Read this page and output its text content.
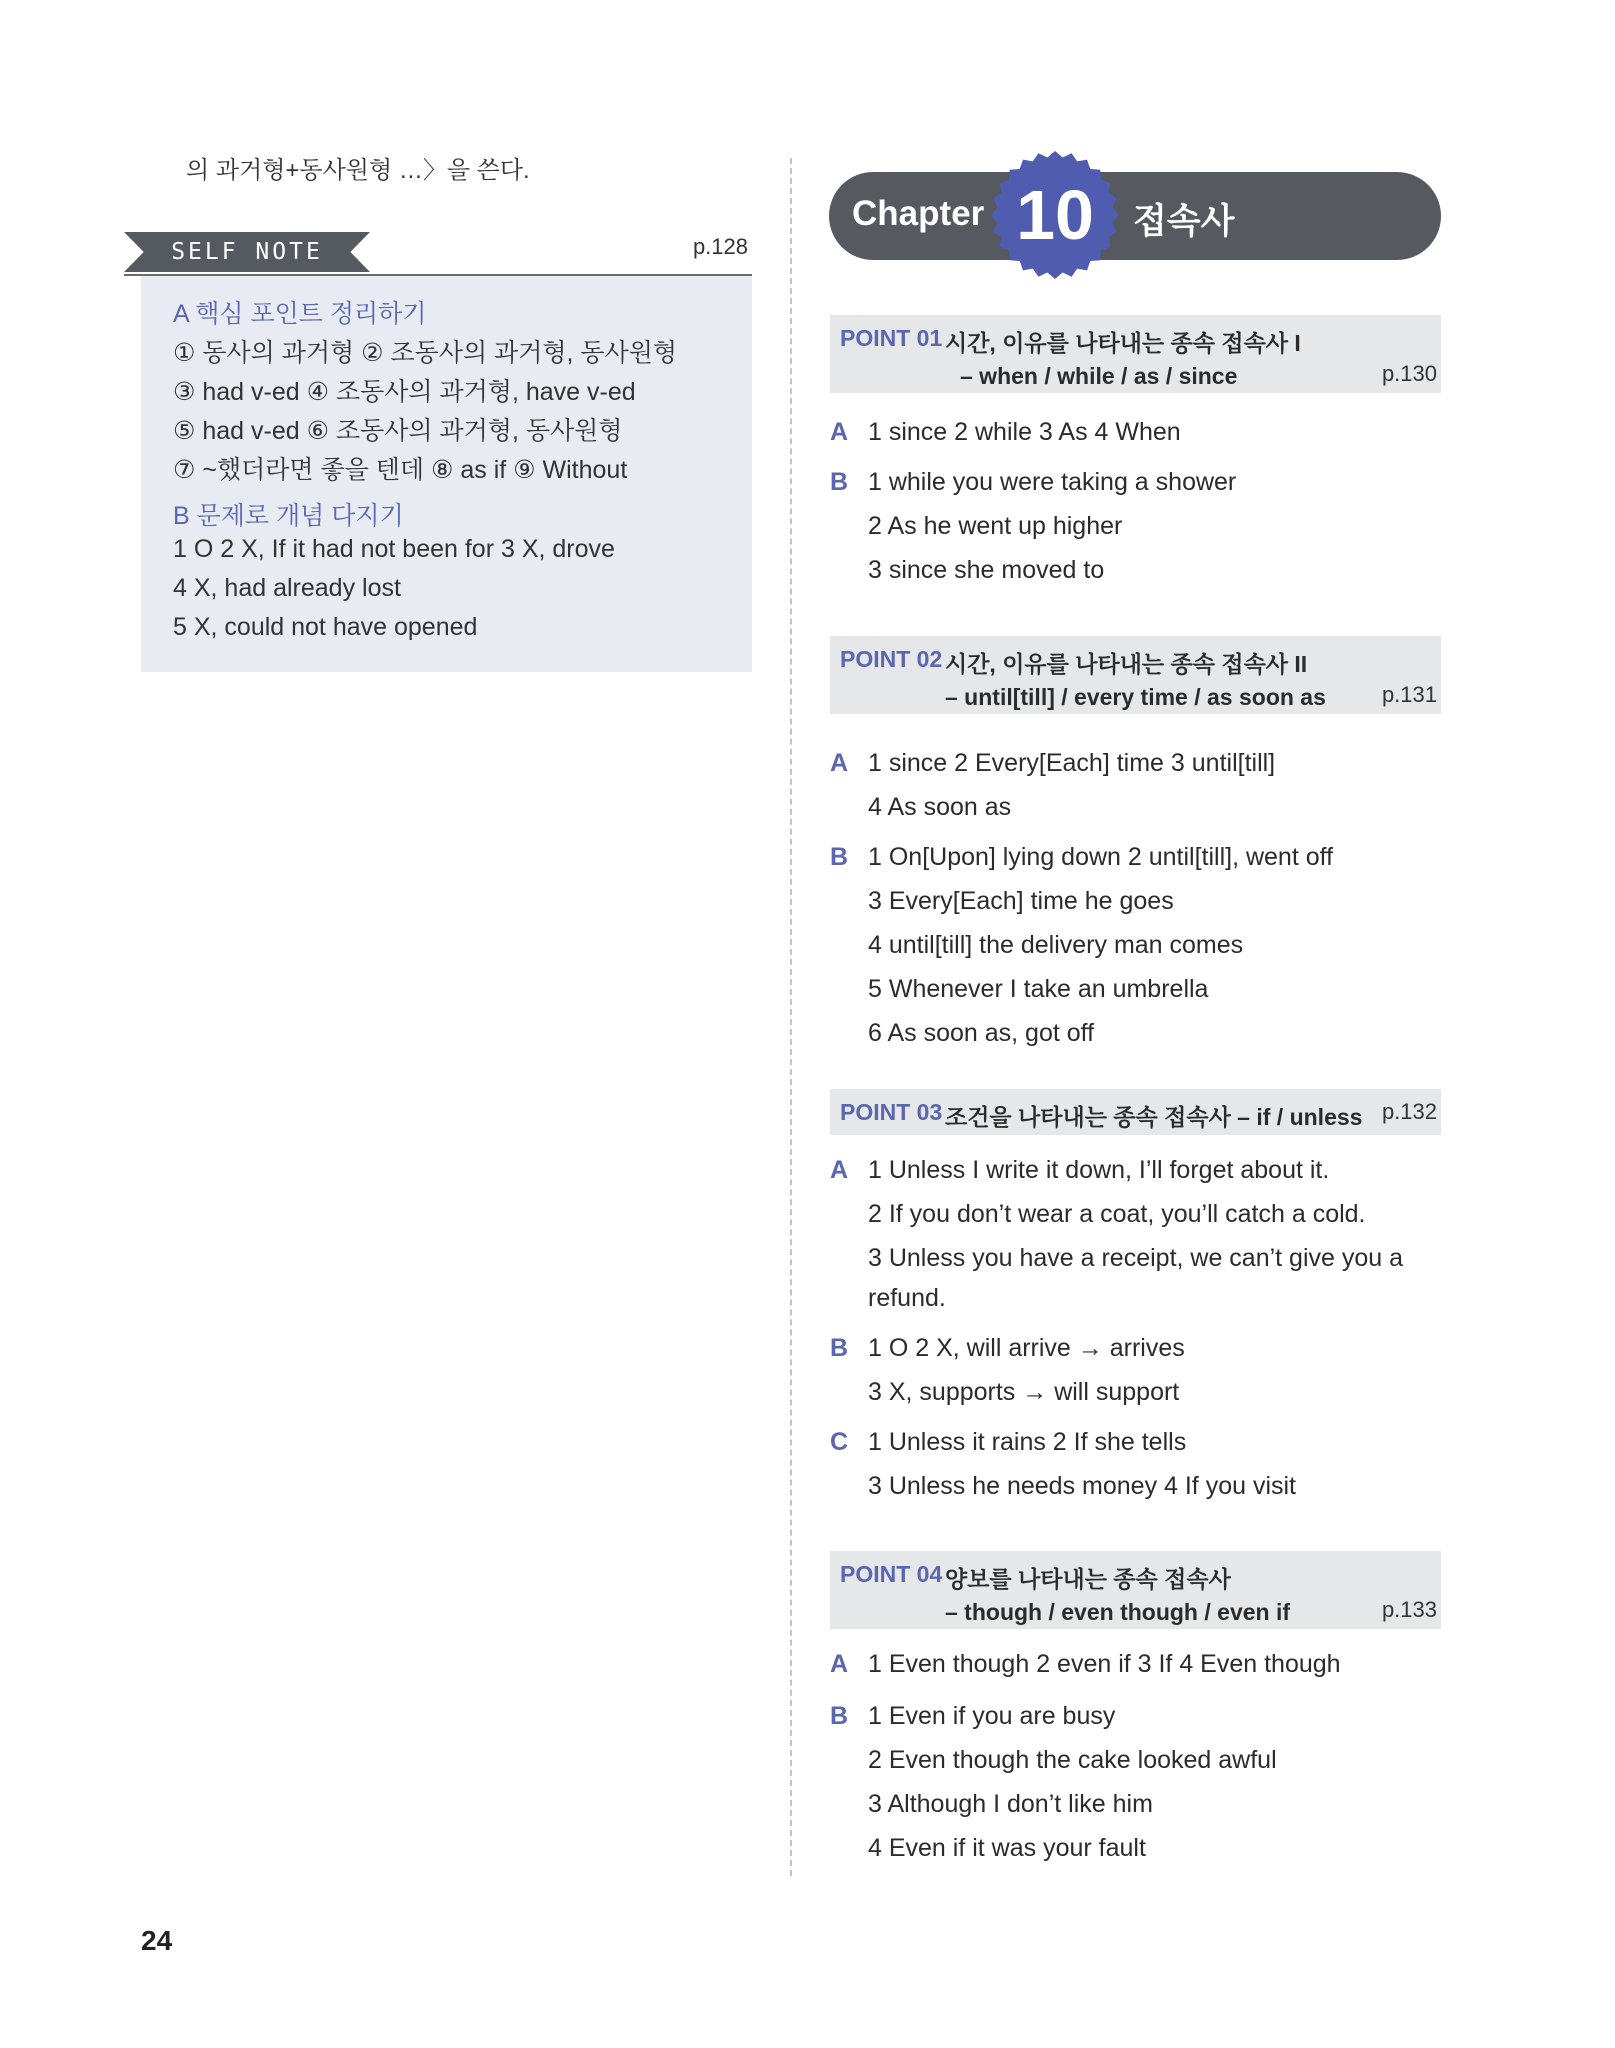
의 과거형+동사원형 …〉을 쓴다.
SELF NOTE	p.128
A 핵심 포인트 정리하기
① 동사의 과거형 ② 조동사의 과거형, 동사원형
③ had v-ed ④ 조동사의 과거형, have v-ed
⑤ had v-ed ⑥ 조동사의 과거형, 동사원형
⑦ ~했더라면 좋을 텐데 ⑧ as if ⑨ Without
B 문제로 개념 다지기
1 O 2 X, If it had not been for 3 X, drove
4 X, had already lost
5 X, could not have opened
Chapter 10	접속사
POINT 01 시간, 이유를 나타내는 종속 접속사 I
– when / while / as / since	p.130
A 1 since 2 while 3 As 4 When
B 1 while you were taking a shower
2 As he went up higher
3 since she moved to
POINT 02 시간, 이유를 나타내는 종속 접속사 II
– until[till] / every time / as soon as	p.131
A 1 since 2 Every[Each] time 3 until[till]
4 As soon as
B 1 On[Upon] lying down 2 until[till], went off
3 Every[Each] time he goes
4 until[till] the delivery man comes
5 Whenever I take an umbrella
6 As soon as, got off
POINT 03 조건을 나타내는 종속 접속사 – if / unless p.132
A 1 Unless I write it down, I’ll forget about it.
2 If you don’t wear a coat, you’ll catch a cold.
3 Unless you have a receipt, we can’t give you a
refund.
B 1 O 2 X, will arrive → arrives
3 X, supports → will support
C 1 Unless it rains 2 If she tells
3 Unless he needs money 4 If you visit
POINT 04 양보를 나타내는 종속 접속사
– though / even though / even if	p.133
A 1 Even though 2 even if 3 If 4 Even though
B 1 Even if you are busy
2 Even though the cake looked awful
3 Although I don’t like him
4 Even if it was your fault
24
